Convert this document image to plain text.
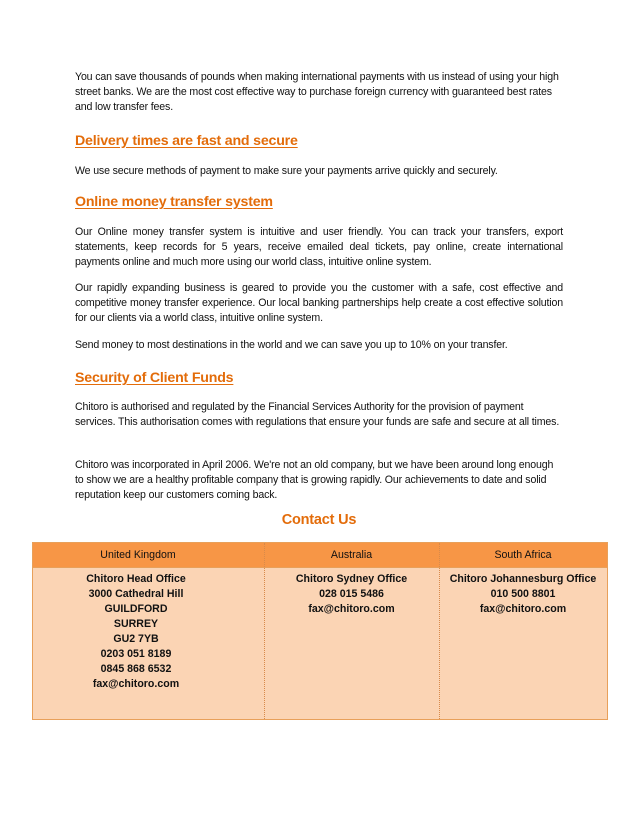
You can save thousands of pounds when making international payments with us instead of using your high street banks. We are the most cost effective way to purchase foreign currency with guaranteed best rates and low transfer fees.

Delivery times are fast and secure

We use secure methods of payment to make sure your payments arrive quickly and securely.

Online money transfer system

Our Online money transfer system is intuitive and user friendly. You can track your transfers, export statements, keep records for 5 years, receive emailed deal tickets, pay online, create international payments online and much more using our world class, intuitive online system.

Our rapidly expanding business is geared to provide you the customer with a safe, cost effective and competitive money transfer experience. Our local banking partnerships help create a cost effective solution for our clients via a world class, intuitive online system.

Send money to most destinations in the world and we can save you up to 10% on your transfer.

Security of Client Funds

Chitoro is authorised and regulated by the Financial Services Authority for the provision of payment services. This authorisation comes with regulations that ensure your funds are safe and secure at all times.

Chitoro was incorporated in April 2006. We're not an old company, but we have been around long enough to show we are a healthy profitable company that is growing rapidly. Our achievements to date and solid reputation keep our customers coming back.

Contact Us
United Kingdom	Australia	South Africa
Chitoro Head Office
3000 Cathedral Hill
GUILDFORD
SURREY
GU2 7YB
0203 051 8189
0845 868 6532
fax@chitoro.com
Chitoro Sydney Office
028 015 5486
fax@chitoro.com
Chitoro Johannesburg Office
010 500 8801
fax@chitoro.com
